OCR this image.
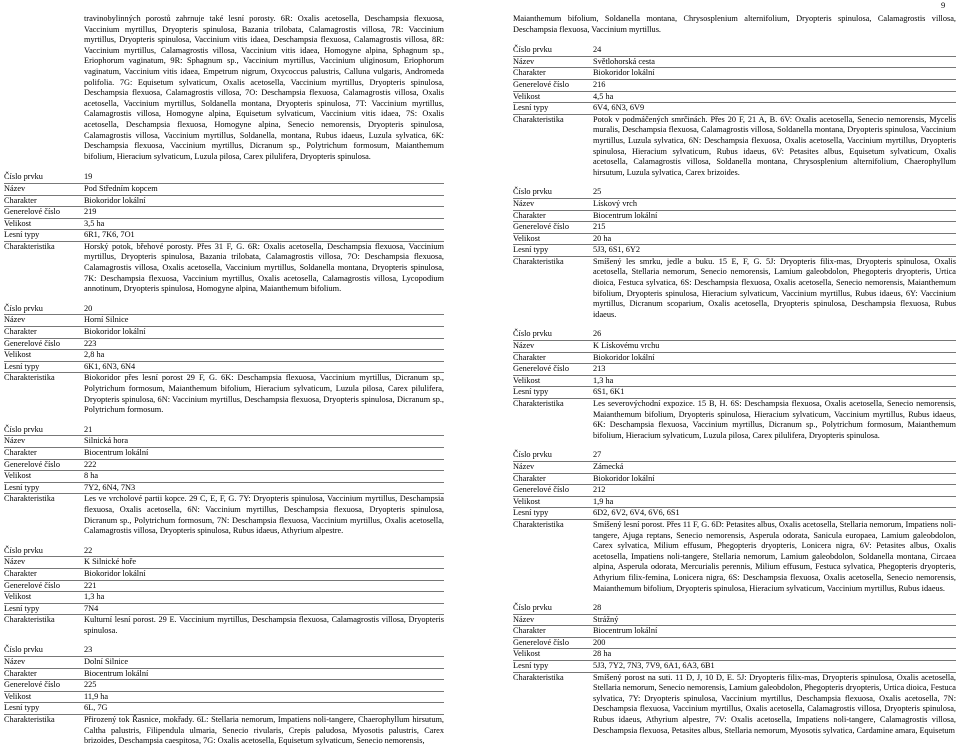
9

travinobylinných porostů zahrnuje také lesní porosty. 6R: Oxalis acetosella, Deschampsia flexuosa, Vaccinium myrtillus, Dryopteris spinulosa, Bazania trilobata, Calamagrostis villosa, 7R: Vaccinium myrtillus, Dryopteris spinulosa, Vaccinium vitis idaea, Deschampsia flexuosa, Calamagrostis villosa, 8R: Vaccinium myrtillus, Calamagrostis villosa, Vaccinium vitis idaea, Homogyne alpina, Sphagnum sp., Eriophorum vaginatum, 9R: Sphagnum sp., Vaccinium myrtillus, Vaccinium uliginosum, Eriophorum vaginatum, Vaccinium vitis idaea, Empetrum nigrum, Oxycoccus palustris, Calluna vulgaris, Andromeda polifolia. 7G: Equisetum sylvaticum, Oxalis acetosella, Vaccinium myrtillus, Dryopteris spinulosa, Deschampsia flexuosa, Calamagrostis villosa, 7O: Deschampsia flexuosa, Calamagrostis villosa, Oxalis acetosella, Vaccinium myrtillus, Soldanella montana, Dryopteris spinulosa, 7T: Vaccinium myrtillus, Calamagrostis villosa, Homogyne alpina, Equisetum sylvaticum, Vaccinium vitis idaea, 7S: Oxalis acetosella, Deschampsia flexuosa, Homogyne alpina, Senecio nemorensis, Dryopteris spinulosa, Calamagrostis villosa, Vaccinium myrtillus, Soldanella, montana, Rubus idaeus, Luzula sylvatica, 6K: Deschampsia flexuosa, Vaccinium myrtillus, Dicranum sp., Polytrichum formosum, Maianthemum bifolium, Hieracium sylvaticum, Luzula pilosa, Carex pilulifera, Dryopteris spinulosa.

Číslo prvku	19
Název	Pod Středním kopcem
Charakter	Biokoridor lokální
Generelové číslo	219
Velikost	3,5 ha
Lesní typy	6R1, 7K6, 7O1
Charakteristika	Horský potok, břehové porosty. Přes 31 F, G. 6R: Oxalis acetosella, Deschampsia flexuosa, Vaccinium myrtillus, Dryopteris spinulosa, Bazania trilobata, Calamagrostis villosa, 7O: Deschampsia flexuosa, Calamagrostis villosa, Oxalis acetosella, Vaccinium myrtillus, Soldanella montana, Dryopteris spinulosa, 7K: Deschampsia flexuosa, Vaccinium myrtillus, Oxalis acetosella, Calamagrostis villosa, Lycopodium annotinum, Dryopteris spinulosa, Homogyne alpina, Maianthemum bifolium.
Číslo prvku	20
Název	Horní Silnice
Charakter	Biokoridor lokální
Generelové číslo	223
Velikost	2,8 ha
Lesní typy	6K1, 6N3, 6N4
Charakteristika	Biokoridor přes lesní porost 29 F, G. 6K: Deschampsia flexuosa, Vaccinium myrtillus, Dicranum sp., Polytrichum formosum, Maianthemum bifolium, Hieracium sylvaticum, Luzula pilosa, Carex pilulifera, Dryopteris spinulosa, 6N: Vaccinium myrtillus, Deschampsia flexuosa, Dryopteris spinulosa, Dicranum sp., Polytrichum formosum.
Číslo prvku	21
Název	Silnická hora
Charakter	Biocentrum lokální
Generelové číslo	222
Velikost	8 ha
Lesní typy	7Y2, 6N4, 7N3
Charakteristika	Les ve vrcholové partii kopce. 29 C, E, F, G. 7Y: Dryopteris spinulosa, Vaccinium myrtillus, Deschampsia flexuosa, Oxalis acetosella, 6N: Vaccinium myrtillus, Deschampsia flexuosa, Dryopteris spinulosa, Dicranum sp., Polytrichum formosum, 7N: Deschampsia flexuosa, Vaccinium myrtillus, Oxalis acetosella, Calamagrostis villosa, Dryopteris spinulosa, Rubus idaeus, Athyrium alpestre.
Číslo prvku	22
Název	K Silnické hoře
Charakter	Biokoridor lokální
Generelové číslo	221
Velikost	1,3 ha
Lesní typy	7N4
Charakteristika	Kulturní lesní porost. 29 E. Vaccinium myrtillus, Deschampsia flexuosa, Calamagrostis villosa, Dryopteris spinulosa.
Číslo prvku	23
Název	Dolní Silnice
Charakter	Biocentrum lokální
Generelové číslo	225
Velikost	11,9 ha
Lesní typy	6L, 7G
Charakteristika	Přirozený tok Řasnice, mokřady. 6L: Stellaria nemorum, Impatiens noli-tangere, Chaerophyllum hirsutum, Caltha palustris, Filipendula ulmaria, Senecio rivularis, Crepis paludosa, Myosotis palustris, Carex brizoides, Deschampsia caespitosa, 7G: Oxalis acetosella, Equisetum sylvaticum, Senecio nemorensis,

Maianthemum bifolium, Soldanella montana, Chrysosplenium alternifolium, Dryopteris spinulosa, Calamagrostis villosa, Deschampsia flexuosa, Vaccinium myrtillus.

Číslo prvku	24
Název	Světlohorská cesta
Charakter	Biokoridor lokální
Generelové číslo	216
Velikost	4,5 ha
Lesní typy	6V4, 6N3, 6V9
Charakteristika	Potok v podmáčených smrčinách. Přes 20 F, 21 A, B. 6V: Oxalis acetosella, Senecio nemorensis, Mycelis muralis, Deschampsia flexuosa, Calamagrostis villosa, Soldanella montana, Dryopteris spinulosa, Vaccinium myrtillus, Luzula sylvatica, 6N: Deschampsia flexuosa, Oxalis acetosella, Vaccinium myrtillus, Dryopteris spinulosa, Hieracium sylvaticum, Rubus idaeus, 6V: Petasites albus, Equisetum sylvaticum, Oxalis acetosella, Calamagrostis villosa, Soldanella montana, Chrysosplenium alternifolium, Chaerophyllum hirsutum, Luzula sylvatica, Carex brizoides.
Číslo prvku	25
Název	Lískový vrch
Charakter	Biocentrum lokální
Generelové číslo	215
Velikost	20 ha
Lesní typy	5J3, 6S1, 6Y2
Charakteristika	Smíšený les smrku, jedle a buku. 15 E, F, G. 5J: Dryopteris filix-mas, Dryopteris spinulosa, Oxalis acetosella, Stellaria nemorum, Senecio nemorensis, Lamium galeobdolon, Phegopteris dryopteris, Urtica dioica, Festuca sylvatica, 6S: Deschampsia flexuosa, Oxalis acetosella, Senecio nemorensis, Maianthemum bifolium, Dryopteris spinulosa, Hieracium sylvaticum, Vaccinium myrtillus, Rubus idaeus, 6Y: Vaccinium myrtillus, Dicranum scoparium, Oxalis acetosella, Dryopteris spinulosa, Deschampsia flexuosa, Rubus idaeus.
Číslo prvku	26
Název	K Lískovému vrchu
Charakter	Biokoridor lokální
Generelové číslo	213
Velikost	1,3 ha
Lesní typy	6S1, 6K1
Charakteristika	Les severovýchodní expozice. 15 B, H. 6S: Deschampsia flexuosa, Oxalis acetosella, Senecio nemorensis, Maianthemum bifolium, Dryopteris spinulosa, Hieracium sylvaticum, Vaccinium myrtillus, Rubus idaeus, 6K: Deschampsia flexuosa, Vaccinium myrtillus, Dicranum sp., Polytrichum formosum, Maianthemum bifolium, Hieracium sylvaticum, Luzula pilosa, Carex pilulifera, Dryopteris spinulosa.
Číslo prvku	27
Název	Zámecká
Charakter	Biokoridor lokální
Generelové číslo	212
Velikost	1,9 ha
Lesní typy	6D2, 6V2, 6V4, 6V6, 6S1
Charakteristika	Smíšený lesní porost. Přes 11 F, G. 6D: Petasites albus, Oxalis acetosella, Stellaria nemorum, Impatiens noli-tangere, Ajuga reptans, Senecio nemorensis, Asperula odorata, Sanicula europaea, Lamium galeobdolon, Carex sylvatica, Milium effusum, Phegopteris dryopteris, Lonicera nigra, 6V: Petasites albus, Oxalis acetosella, Impatiens noli-tangere, Stellaria nemorum, Lamium galeobdolon, Soldanella montana, Circaea alpina, Asperula odorata, Mercurialis perennis, Milium effusum, Festuca sylvatica, Phegopteris dryopteris, Athyrium filix-femina, Lonicera nigra, 6S: Deschampsia flexuosa, Oxalis acetosella, Senecio nemorensis, Maianthemum bifolium, Dryopteris spinulosa, Hieracium sylvaticum, Vaccinium myrtillus, Rubus idaeus.
Číslo prvku	28
Název	Strážný
Charakter	Biocentrum lokální
Generelové číslo	200
Velikost	28 ha
Lesní typy	5J3, 7Y2, 7N3, 7V9, 6A1, 6A3, 6B1
Charakteristika	Smíšený porost na suti. 11 D, J, 10 D, E. 5J: Dryopteris filix-mas, Dryopteris spinulosa, Oxalis acetosella, Stellaria nemorum, Senecio nemorensis, Lamium galeobdolon, Phegopteris dryopteris, Urtica dioica, Festuca sylvatica, 7Y: Dryopteris spinulosa, Vaccinium myrtillus, Deschampsia flexuosa, Oxalis acetosella, 7N: Deschampsia flexuosa, Vaccinium myrtillus, Oxalis acetosella, Calamagrostis villosa, Dryopteris spinulosa, Rubus idaeus, Athyrium alpestre, 7V: Oxalis acetosella, Impatiens noli-tangere, Calamagrostis villosa, Deschampsia flexuosa, Petasites albus, Stellaria nemorum, Myosotis sylvatica, Cardamine amara, Equisetum
